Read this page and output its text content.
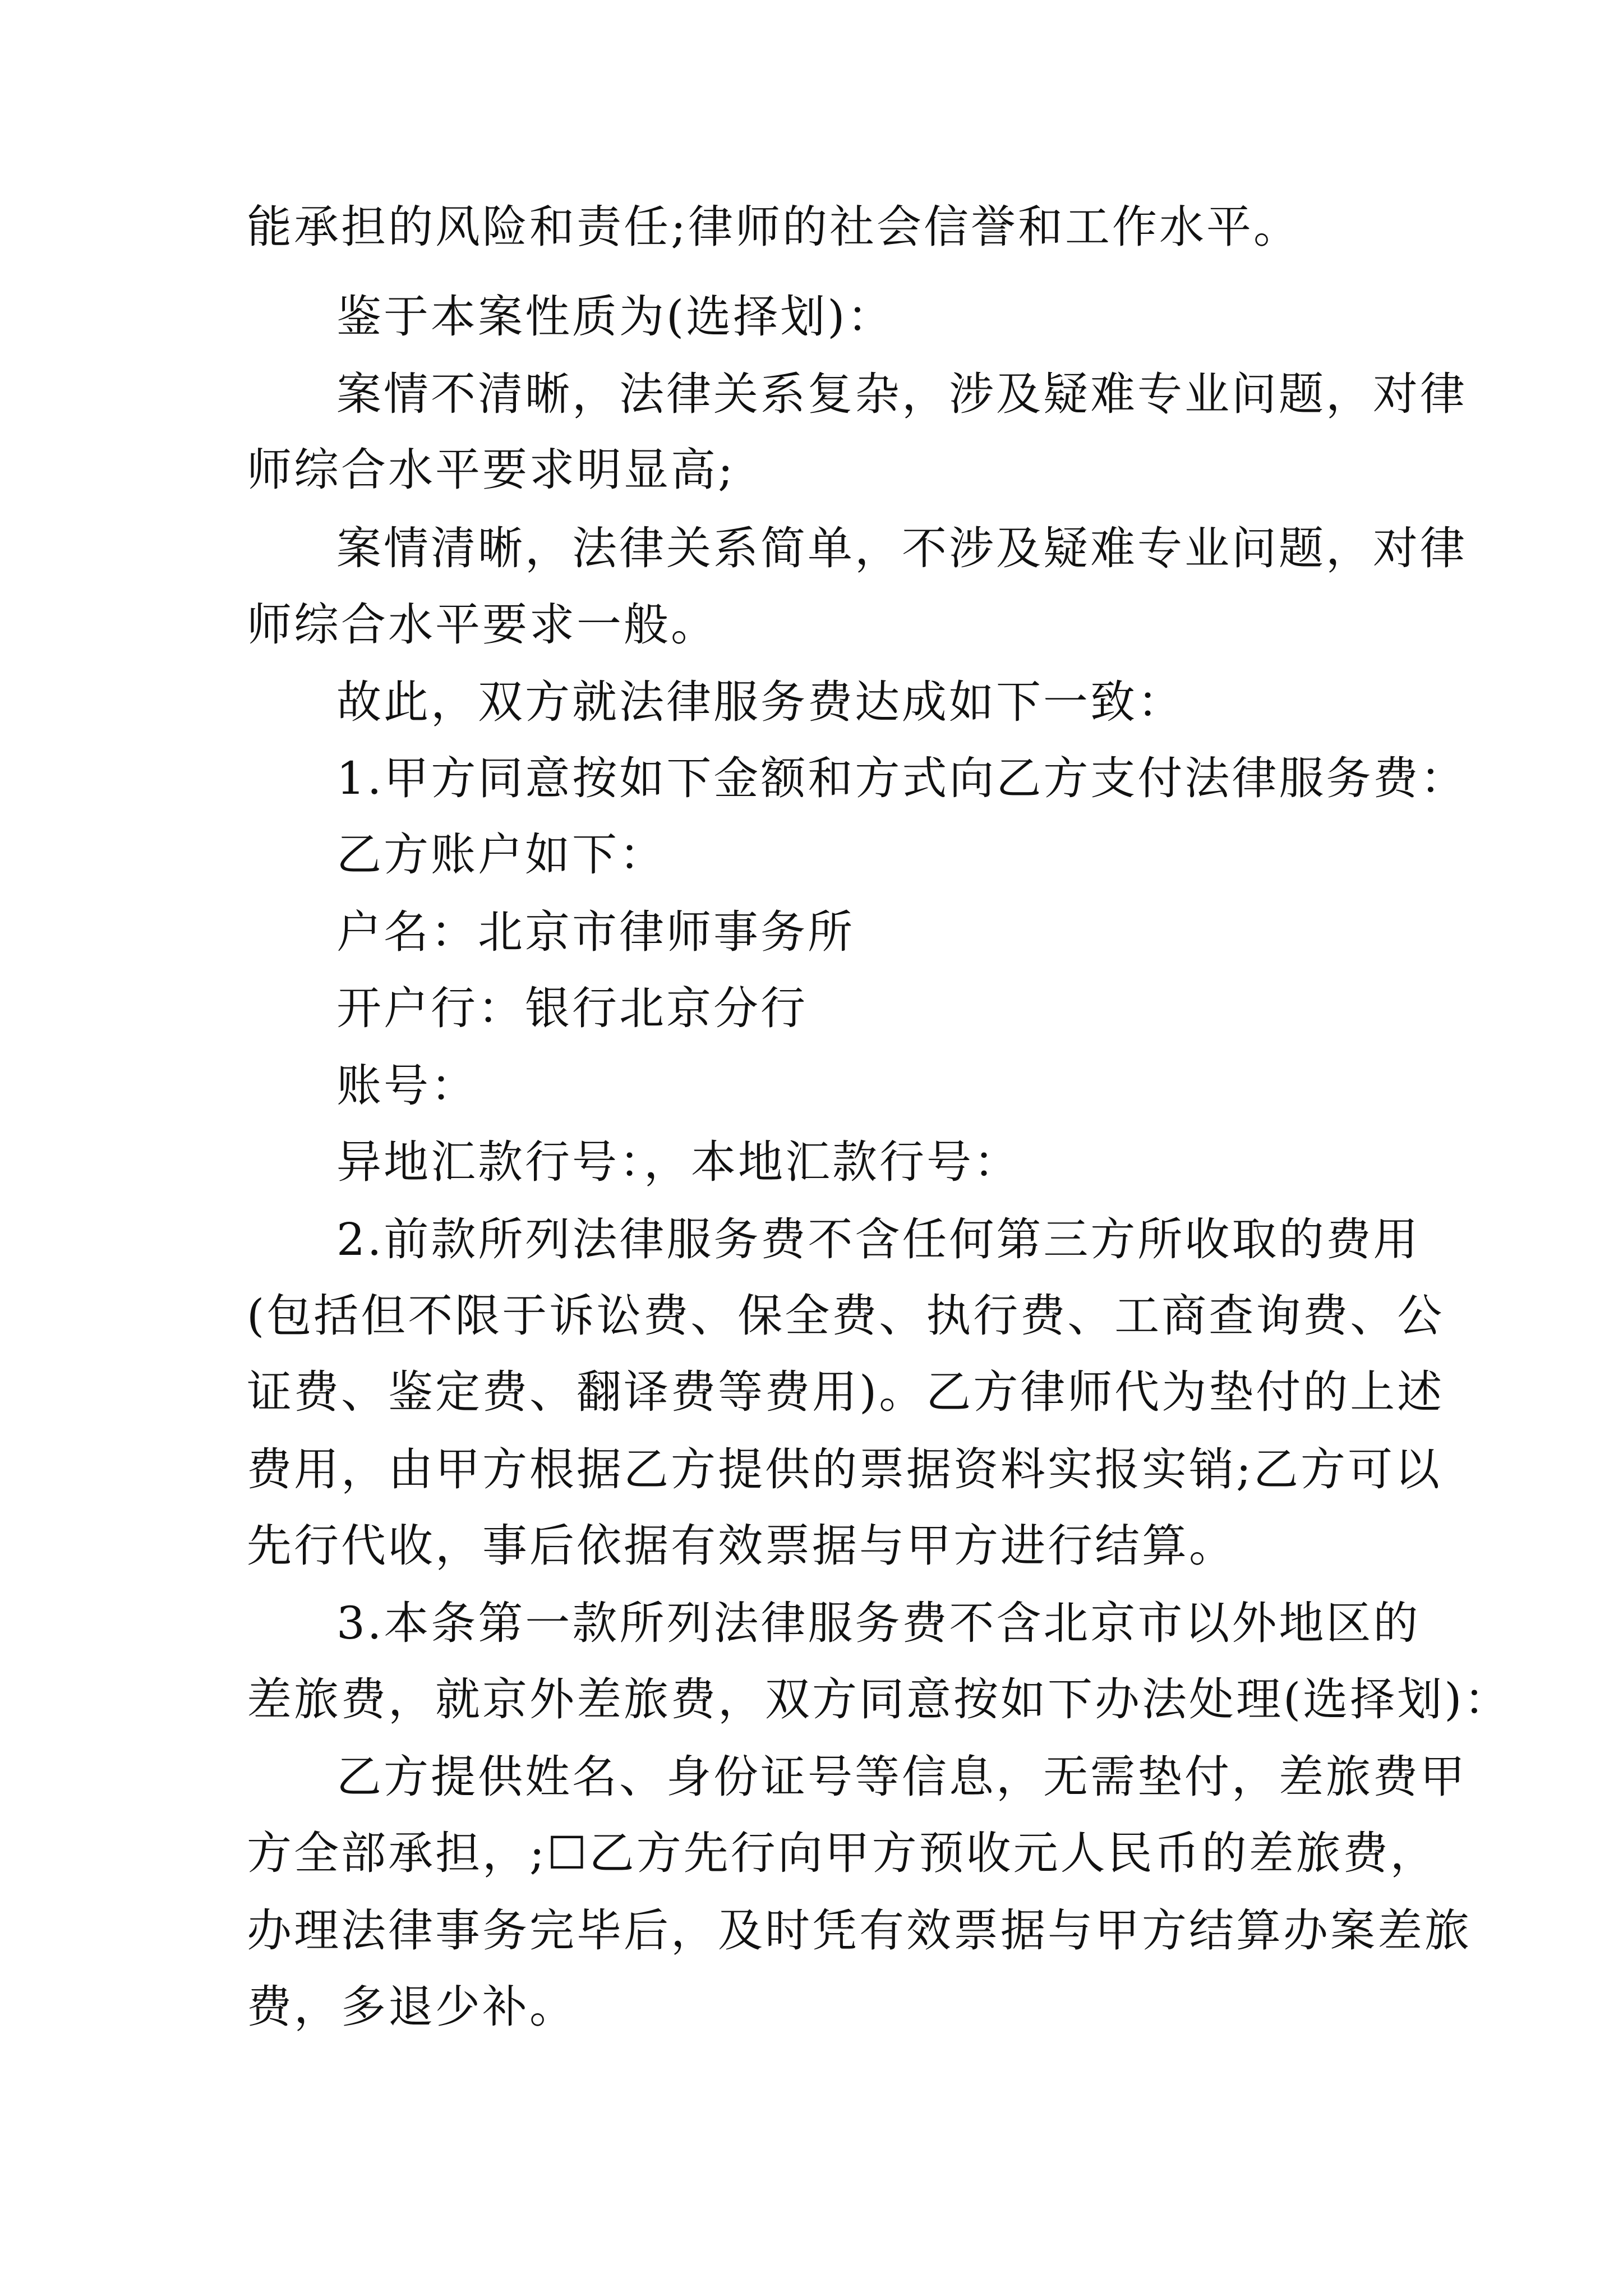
能承担的风险和责任;律师的社会信誉和工作水平。
鉴于本案性质为(选择划)：
案情不清晰，法律关系复杂，涉及疑难专业问题，对律
师综合水平要求明显高;
案情清晰，法律关系简单，不涉及疑难专业问题，对律
师综合水平要求一般。
故此，双方就法律服务费达成如下一致：
1.甲方同意按如下金额和方式向乙方支付法律服务费：
乙方账户如下：
户名：北京市律师事务所
开户行：银行北京分行
账号：
异地汇款行号：，本地汇款行号：
2.前款所列法律服务费不含任何第三方所收取的费用
(包括但不限于诉讼费、保全费、执行费、工商查询费、公
证费、鉴定费、翻译费等费用)。乙方律师代为垫付的上述
费用，由甲方根据乙方提供的票据资料实报实销;乙方可以
先行代收，事后依据有效票据与甲方进行结算。
3.本条第一款所列法律服务费不含北京市以外地区的
差旅费，就京外差旅费，双方同意按如下办法处理(选择划)：
乙方提供姓名、身份证号等信息，无需垫付，差旅费甲
方全部承担，;☐乙方先行向甲方预收元人民币的差旅费，
办理法律事务完毕后，及时凭有效票据与甲方结算办案差旅
费，多退少补。
